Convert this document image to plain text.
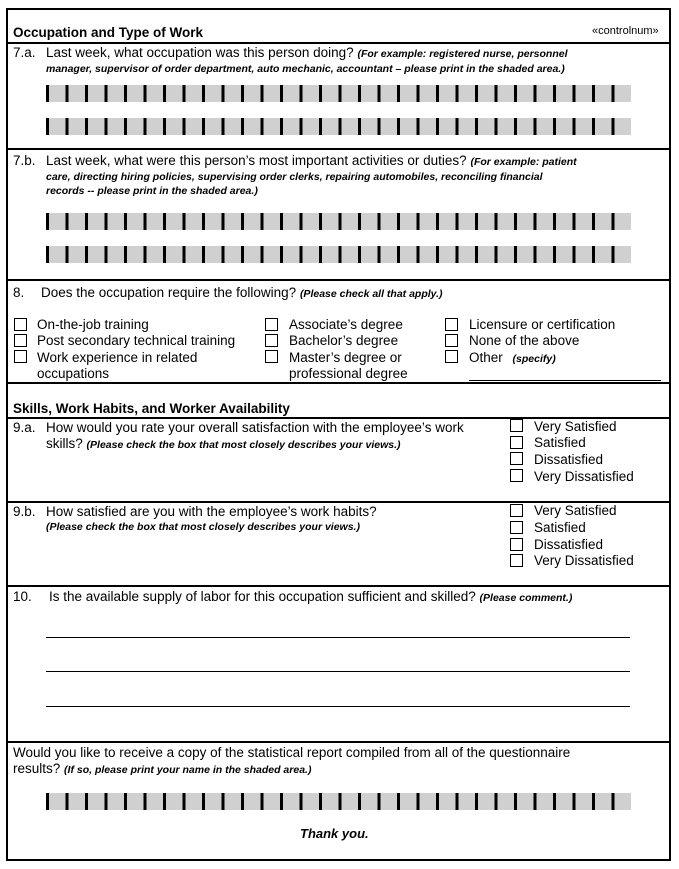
Occupation and Type of Work	«controlnum»
7.a. Last week, what occupation was this person doing? (For example: registered nurse, personnel
manager, supervisor of order department, auto mechanic, accountant – please print in the shaded area.)
7.b. Last week, what were this person’s most important activities or duties? (For example: patient
care, directing hiring policies, supervising order clerks, repairing automobiles, reconciling financial
records -- please print in the shaded area.)
8. Does the occupation require the following? (Please check all that apply.)
On-the-job training
Post secondary technical training
Work experience in related
occupations
Associate’s degree
Bachelor’s degree
Master’s degree or
professional degree
Licensure or certification
None of the above
Other (specify)
Skills, Work Habits, and Worker Availability
9.a. How would you rate your overall satisfaction with the employee’s work
skills? (Please check the box that most closely describes your views.)
Very Satisfied
Satisfied
Dissatisfied
Very Dissatisfied
9.b. How satisfied are you with the employee’s work habits?
(Please check the box that most closely describes your views.)
Very Satisfied
Satisfied
Dissatisfied
Very Dissatisfied
10. Is the available supply of labor for this occupation sufficient and skilled? (Please comment.)
Would you like to receive a copy of the statistical report compiled from all of the questionnaire
results? (If so, please print your name in the shaded area.)
Thank you.
